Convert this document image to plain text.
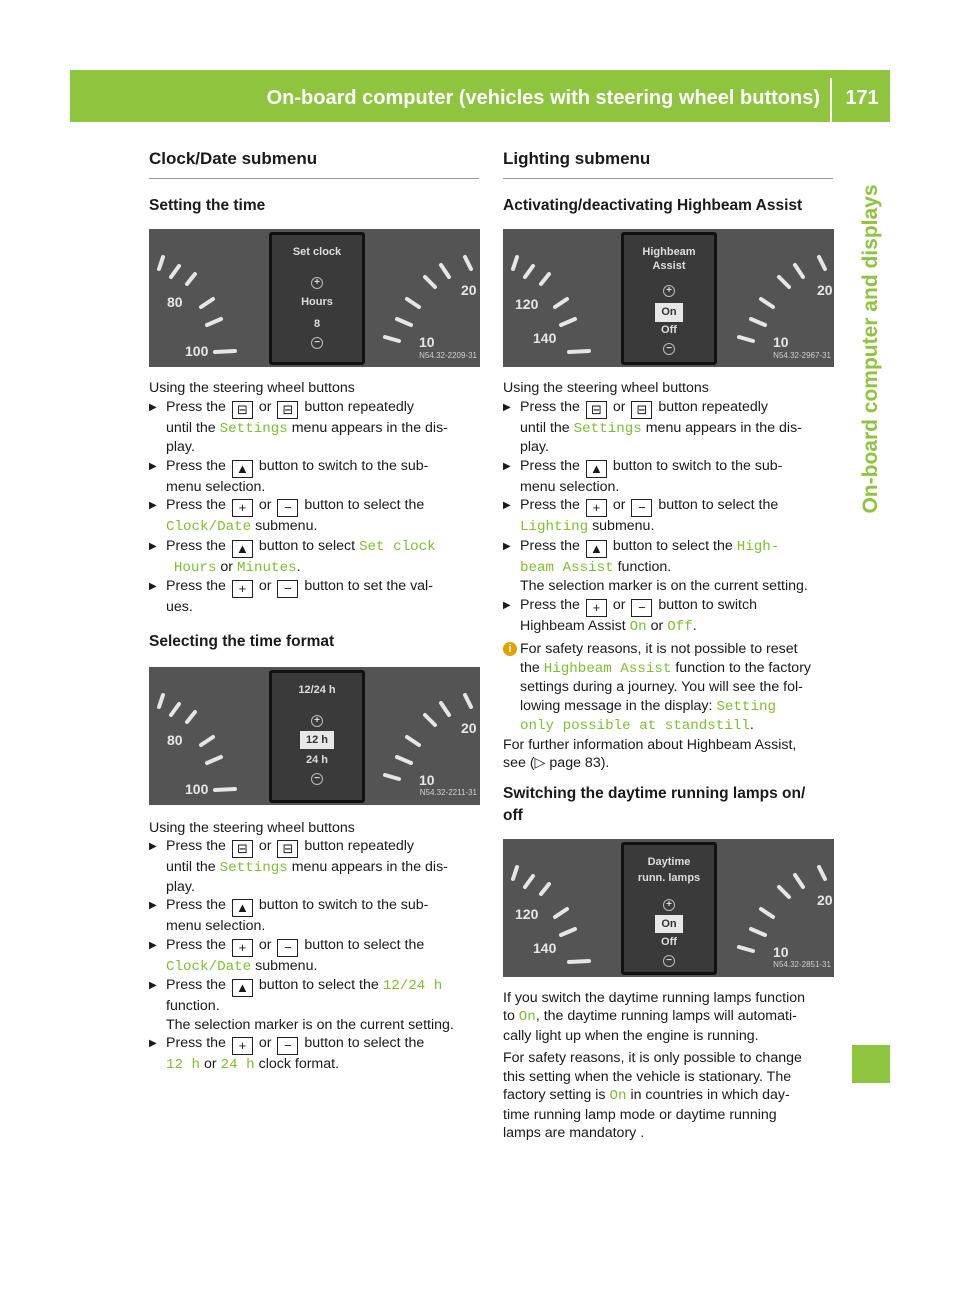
On-board computer (vehicles with steering wheel buttons)	171
On-board computer and displays
Clock/Date submenu
Setting the time
80
100
20
10
Set clock
+
Hours
8
−
N54.32-2209-31

Using the steering wheel buttons

▶ Press the ⊟ or ⊟ button repeatedly
until the Settings menu appears in the dis-
play.
▶ Press the ▲ button to switch to the sub-
menu selection.
▶ Press the + or − button to select the
Clock/Date submenu.
▶ Press the ▲ button to select Set clock
Hours or Minutes.
▶ Press the + or − button to set the val-
ues.
Selecting the time format
80
100
20
10
12/24 h
+
12 h
24 h
−
N54.32-2211-31

Using the steering wheel buttons

▶ Press the ⊟ or ⊟ button repeatedly
until the Settings menu appears in the dis-
play.
▶ Press the ▲ button to switch to the sub-
menu selection.
▶ Press the + or − button to select the
Clock/Date submenu.
▶ Press the ▲ button to select the 12/24 h
function.
The selection marker is on the current setting.
▶ Press the + or − button to select the
12 h or 24 h clock format.
Lighting submenu
Activating/deactivating Highbeam Assist
120
140
20
10
Highbeam
Assist
+
On
Off
−
N54.32-2967-31

Using the steering wheel buttons

▶ Press the ⊟ or ⊟ button repeatedly
until the Settings menu appears in the dis-
play.
▶ Press the ▲ button to switch to the sub-
menu selection.
▶ Press the + or − button to select the
Lighting submenu.
▶ Press the ▲ button to select the High‐
beam Assist function.
The selection marker is on the current setting.
▶ Press the + or − button to switch
Highbeam Assist On or Off.
i For safety reasons, it is not possible to reset
the Highbeam Assist function to the factory
settings during a journey. You will see the fol-
lowing message in the display: Setting
only possible at standstill.

For further information about Highbeam Assist,
see (▷ page 83).

Switching the daytime running lamps on/
off
120
140
20
10
Daytime
runn. lamps
+
On
Off
−	N54.32-2851-31

If you switch the daytime running lamps function
to On, the daytime running lamps will automati-
cally light up when the engine is running.

For safety reasons, it is only possible to change
this setting when the vehicle is stationary. The
factory setting is On in countries in which day-
time running lamp mode or daytime running
lamps are mandatory .
